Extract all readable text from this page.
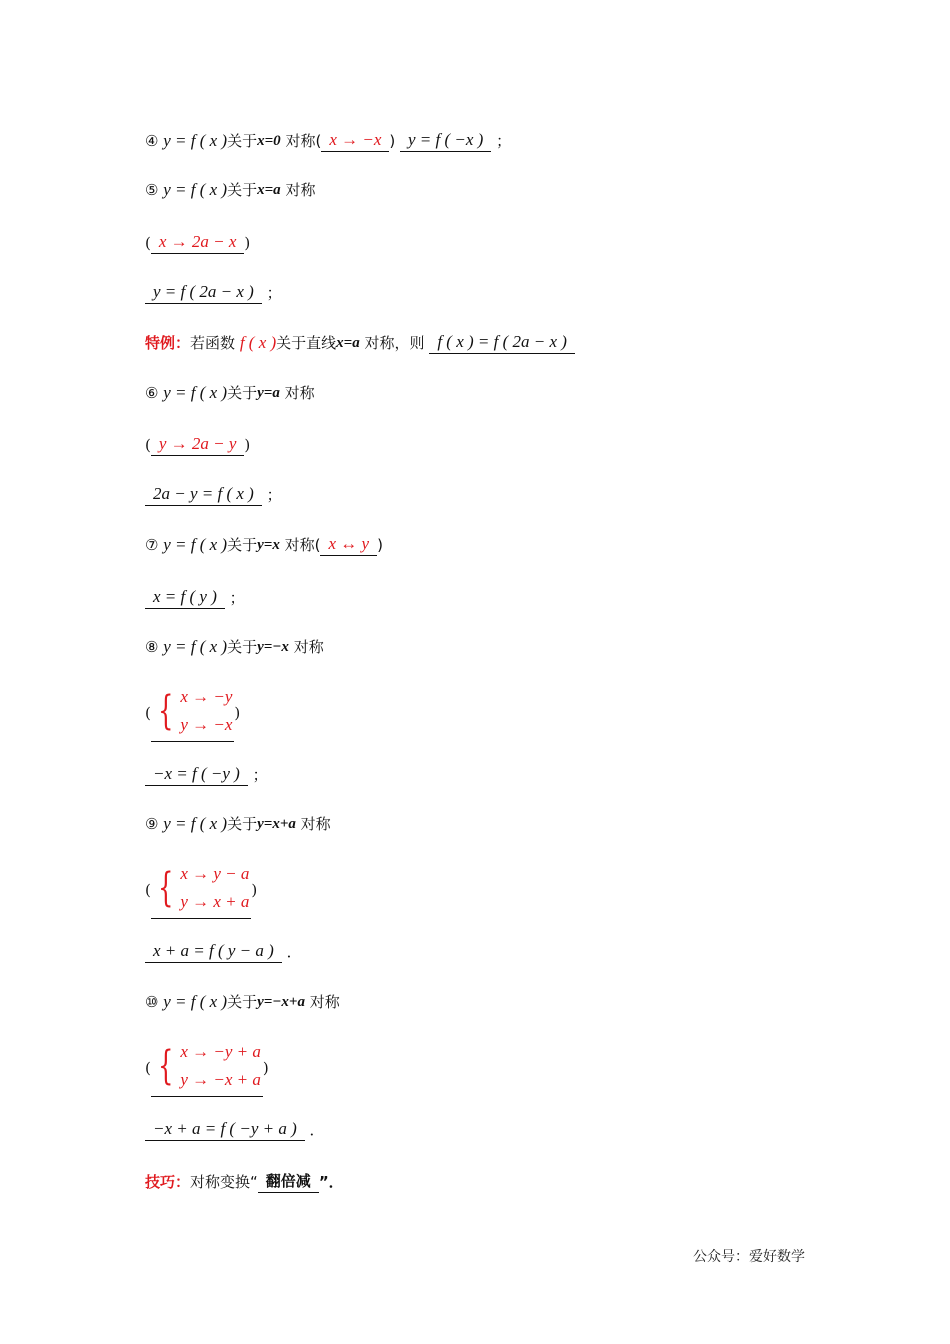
④
y = f ( x ) 关于 x=0
对称( x → −x )
y = f ( −x )
；
⑤
y = f ( x ) 关于 x=a
对称
( x → 2a − x )
y = f ( 2a − x )
；
特例： 若函数
f ( x ) 关于直线 x=a
对称，则
f ( x ) = f ( 2a − x )
⑥
y = f ( x ) 关于 y=a
对称
( y → 2a − y )
2a − y = f ( x )
；
⑦
y = f ( x ) 关于 y=x
对称( x ↔ y )
x = f ( y )
；
⑧
y = f ( x ) 关于 y=−x
对称
( { x → −y
y → −x
)
−x = f ( −y )
；
⑨
y = f ( x ) 关于 y=x+a
对称
( { x → y − a
y → x + a
)
x + a = f ( y − a )
．
⑩
y = f ( x ) 关于 y=−x+a
对称
( { x → −y + a
y → −x + a
)
−x + a = f ( −y + a )
．
技巧： 对称变换“ 翻倍减 ”．
公众号：爱好数学
